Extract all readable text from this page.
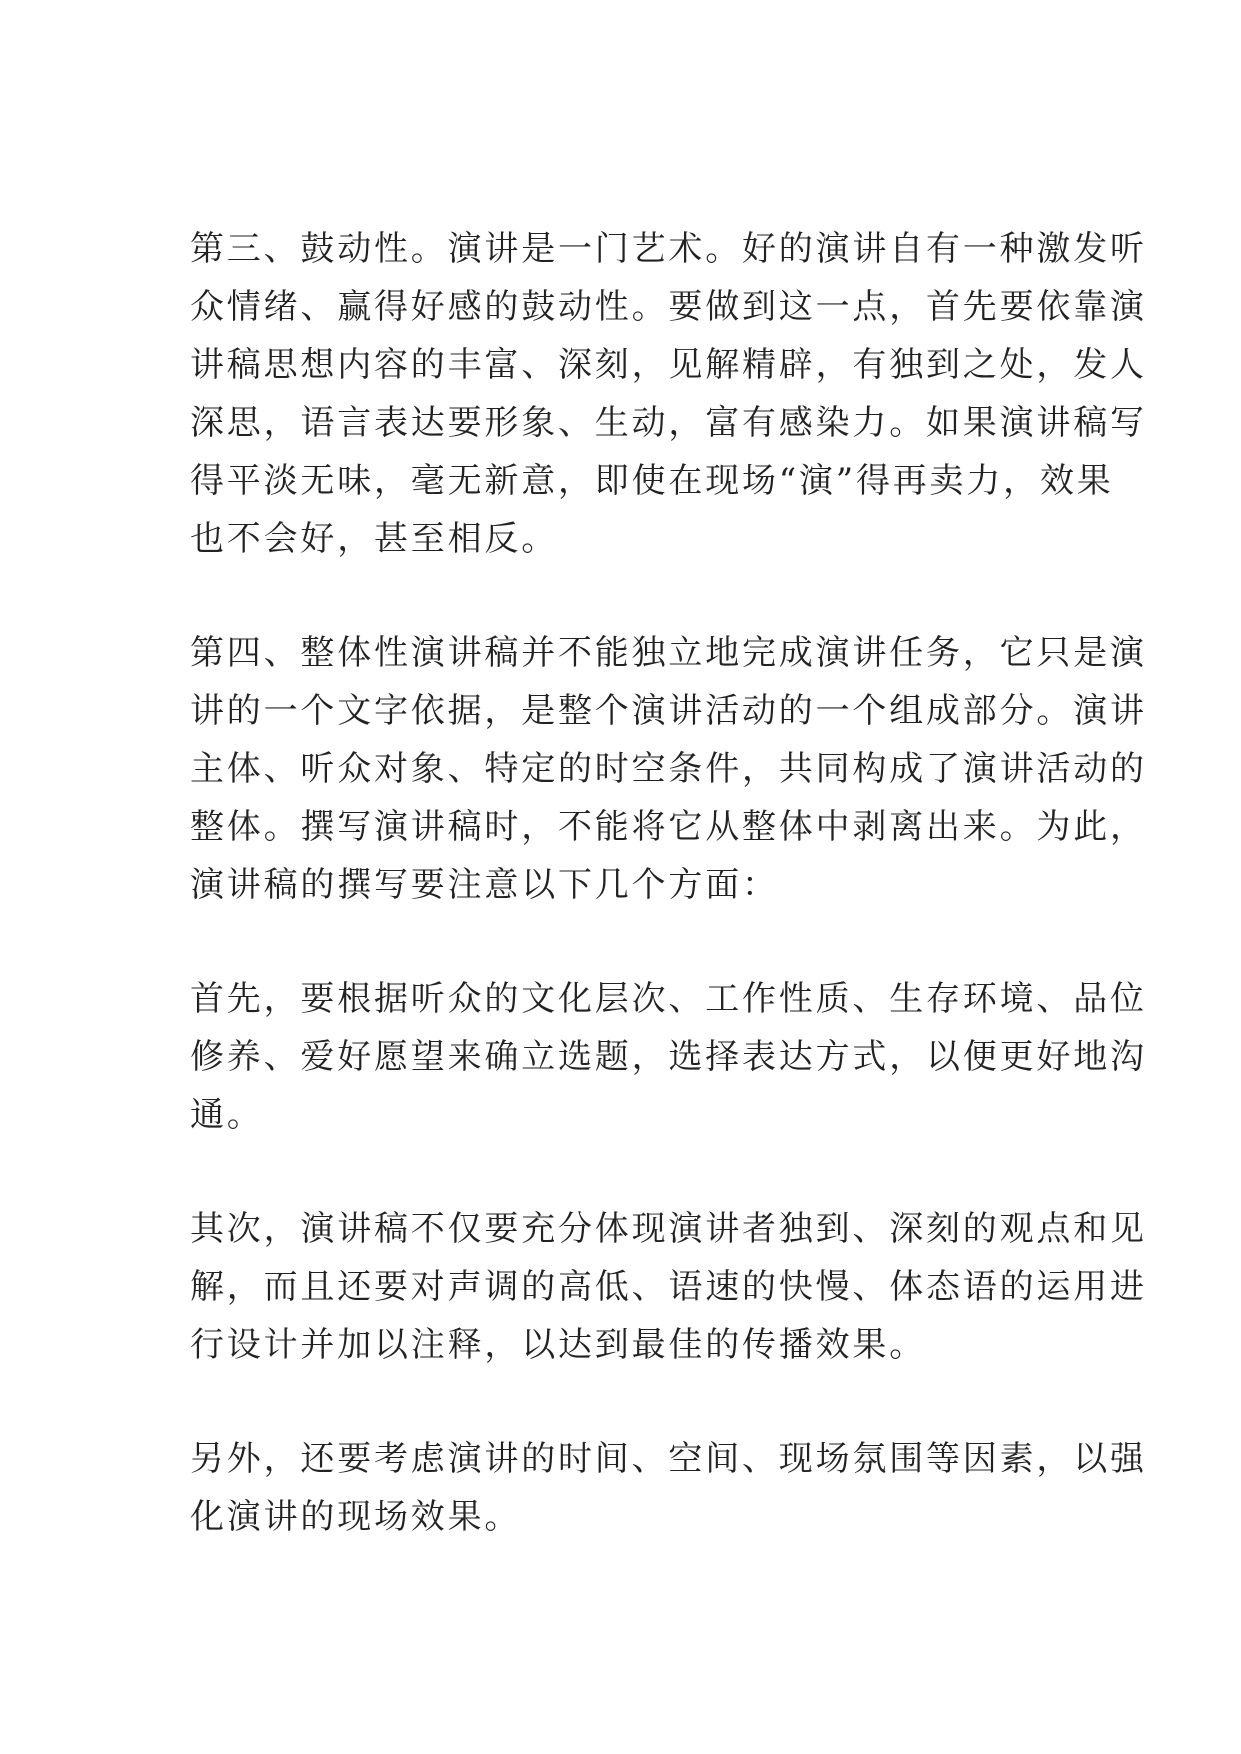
第三、鼓动性。演讲是一门艺术。好的演讲自有一种激发听
众情绪、赢得好感的鼓动性。要做到这一点，首先要依靠演
讲稿思想内容的丰富、深刻，见解精辟，有独到之处，发人
深思，语言表达要形象、生动，富有感染力。如果演讲稿写
得平淡无味，毫无新意，即使在现场“演”得再卖力，效果
也不会好，甚至相反。
第四、整体性演讲稿并不能独立地完成演讲任务，它只是演
讲的一个文字依据，是整个演讲活动的一个组成部分。演讲
主体、听众对象、特定的时空条件，共同构成了演讲活动的
整体。撰写演讲稿时，不能将它从整体中剥离出来。为此，
演讲稿的撰写要注意以下几个方面：
首先，要根据听众的文化层次、工作性质、生存环境、品位
修养、爱好愿望来确立选题，选择表达方式，以便更好地沟
通。
其次，演讲稿不仅要充分体现演讲者独到、深刻的观点和见
解，而且还要对声调的高低、语速的快慢、体态语的运用进
行设计并加以注释，以达到最佳的传播效果。
另外，还要考虑演讲的时间、空间、现场氛围等因素，以强
化演讲的现场效果。
